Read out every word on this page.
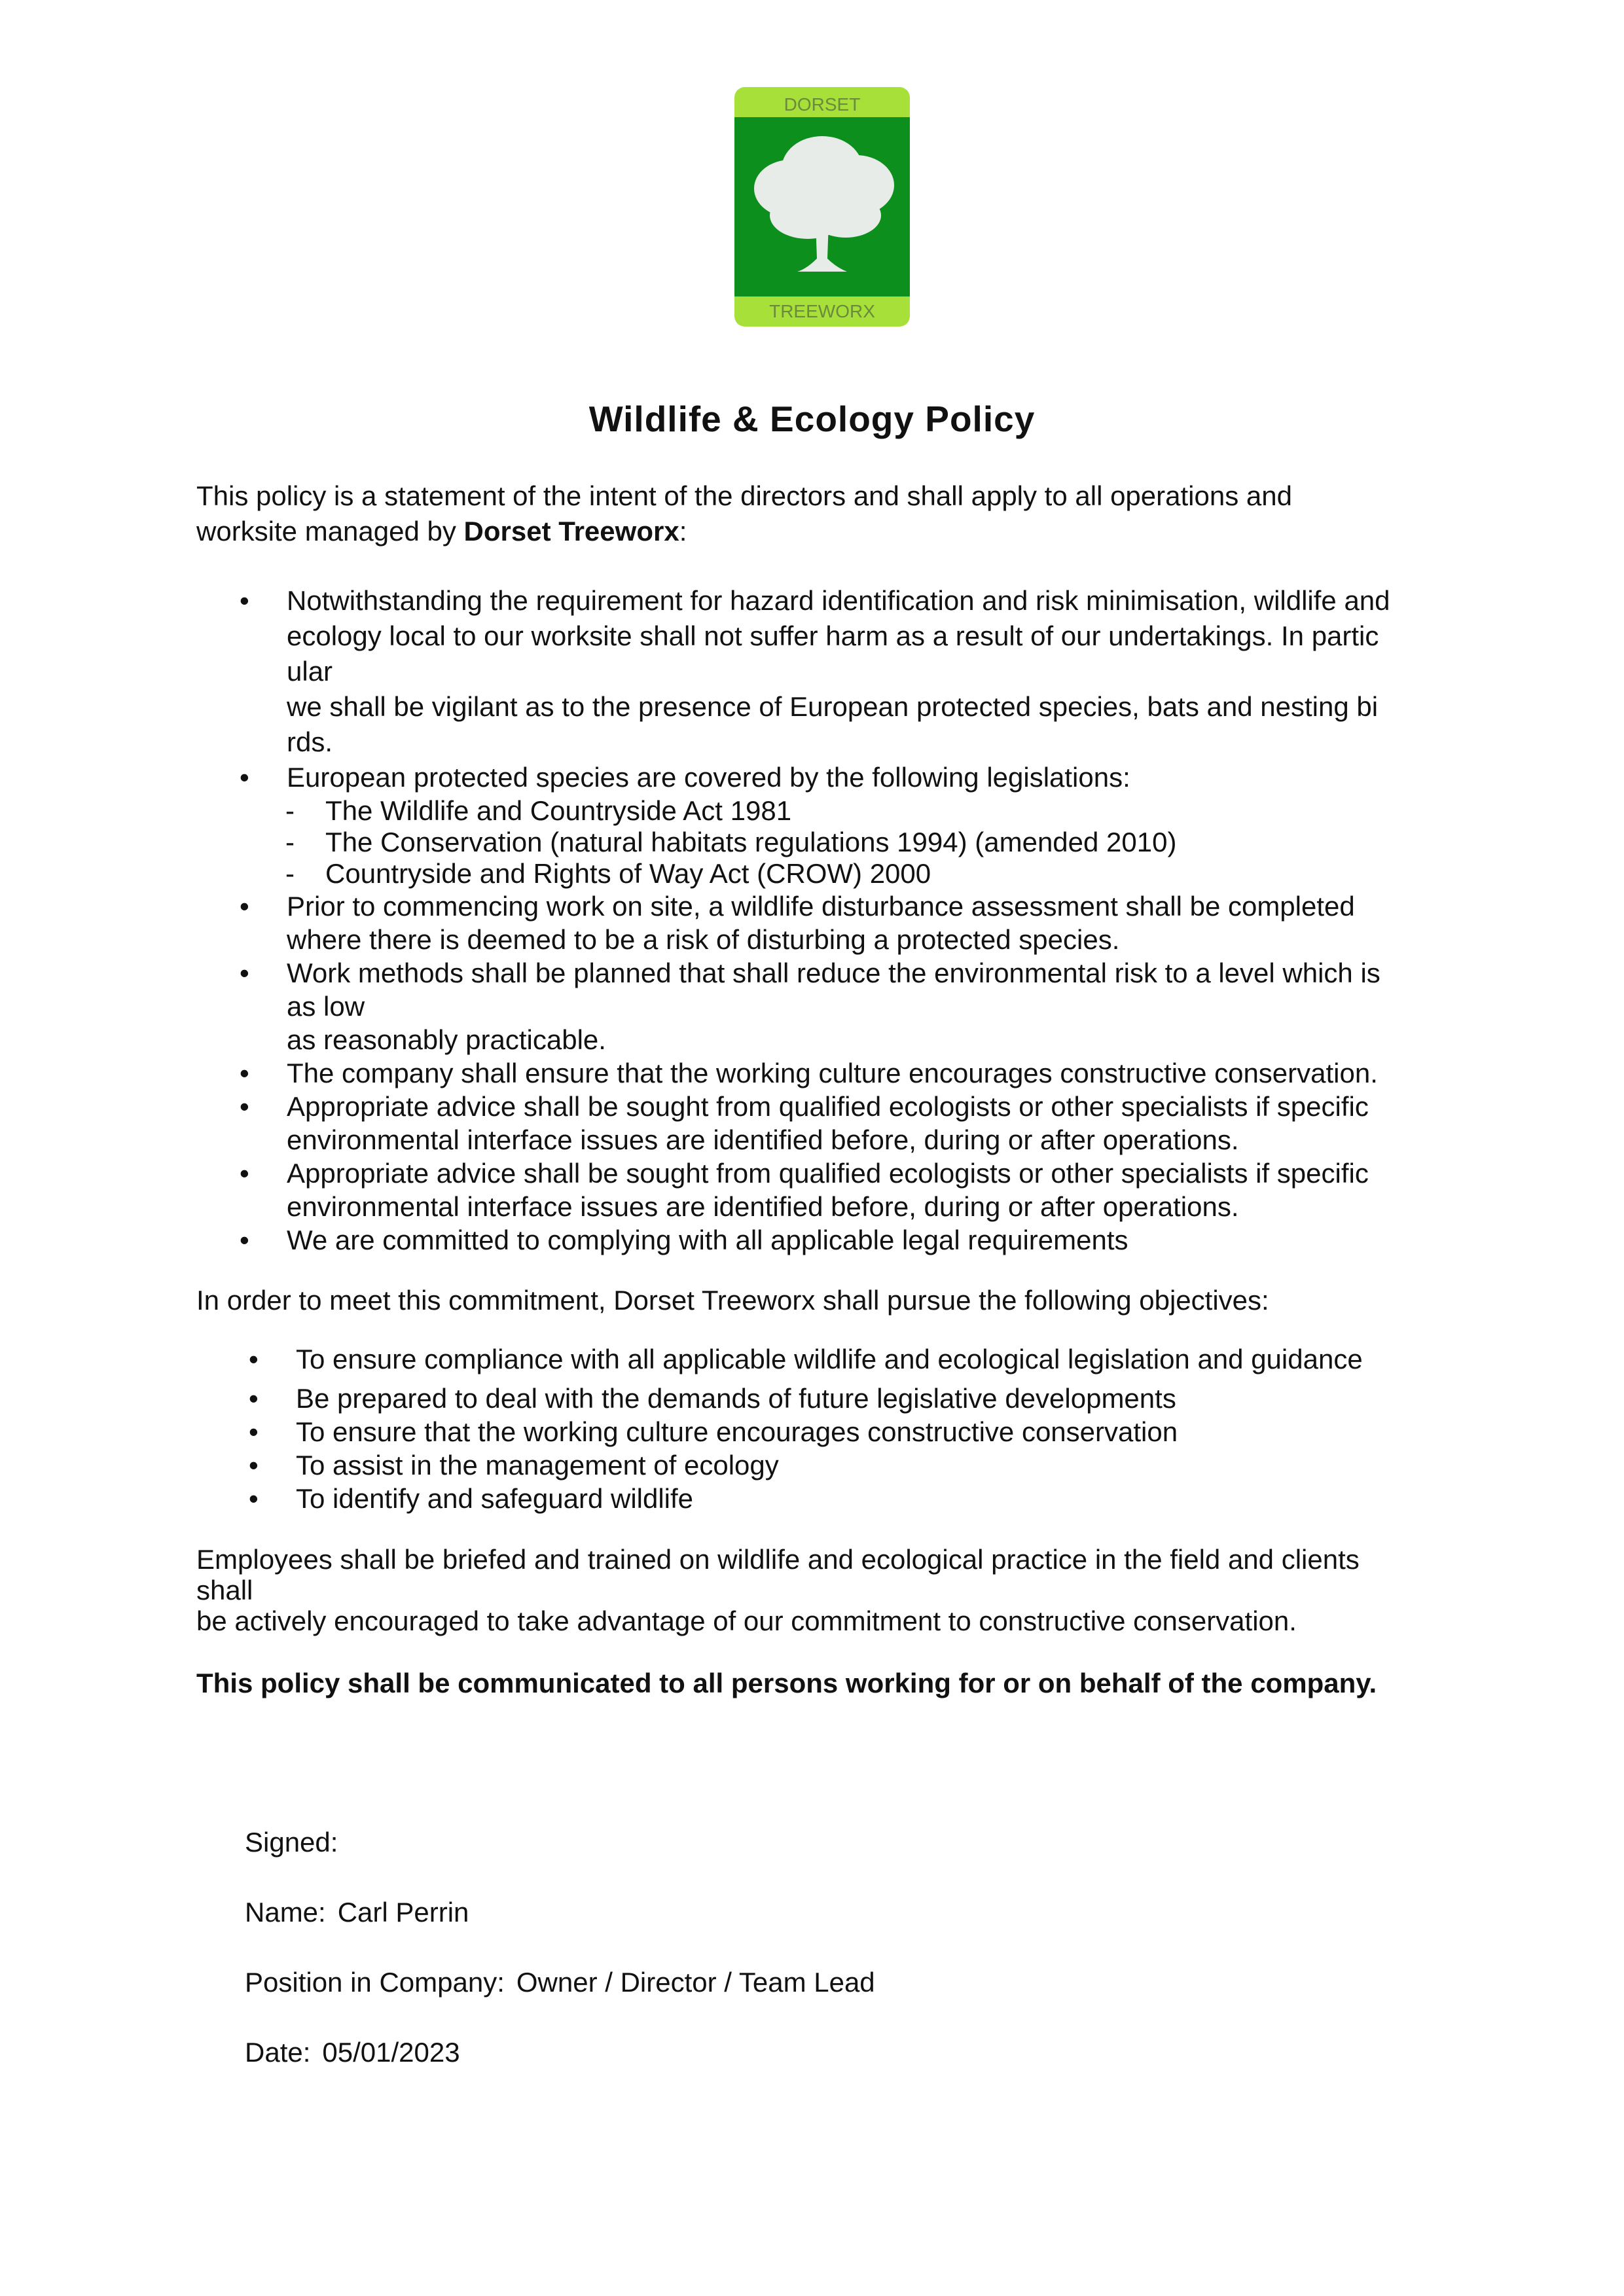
DORSET
TREEWORX
Wildlife & Ecology Policy
This policy is a statement of the intent of the directors and shall apply to all operations and
worksite managed by Dorset Treeworx:
• Notwithstanding the requirement for hazard identification and risk minimisation, wildlife and
ecology local to our worksite shall not suffer harm as a result of our undertakings. In partic
ular
we shall be vigilant as to the presence of European protected species, bats and nesting bi
rds.
• European protected species are covered by the following legislations:
- The Wildlife and Countryside Act 1981
- The Conservation (natural habitats regulations 1994) (amended 2010)
- Countryside and Rights of Way Act (CROW) 2000
• Prior to commencing work on site, a wildlife disturbance assessment shall be completed
where there is deemed to be a risk of disturbing a protected species.
• Work methods shall be planned that shall reduce the environmental risk to a level which is
as low
as reasonably practicable.
• The company shall ensure that the working culture encourages constructive conservation.
• Appropriate advice shall be sought from qualified ecologists or other specialists if specific
environmental interface issues are identified before, during or after operations.
• Appropriate advice shall be sought from qualified ecologists or other specialists if specific
environmental interface issues are identified before, during or after operations.
• We are committed to complying with all applicable legal requirements
In order to meet this commitment, Dorset Treeworx shall pursue the following objectives:
• To ensure compliance with all applicable wildlife and ecological legislation and guidance
• Be prepared to deal with the demands of future legislative developments
• To ensure that the working culture encourages constructive conservation
• To assist in the management of ecology
• To identify and safeguard wildlife
Employees shall be briefed and trained on wildlife and ecological practice in the field and clients
shall
be actively encouraged to take advantage of our commitment to constructive conservation.
This policy shall be communicated to all persons working for or on behalf of the company.
Signed:
Name: Carl Perrin
Position in Company: Owner / Director / Team Lead
Date: 05/01/2023
